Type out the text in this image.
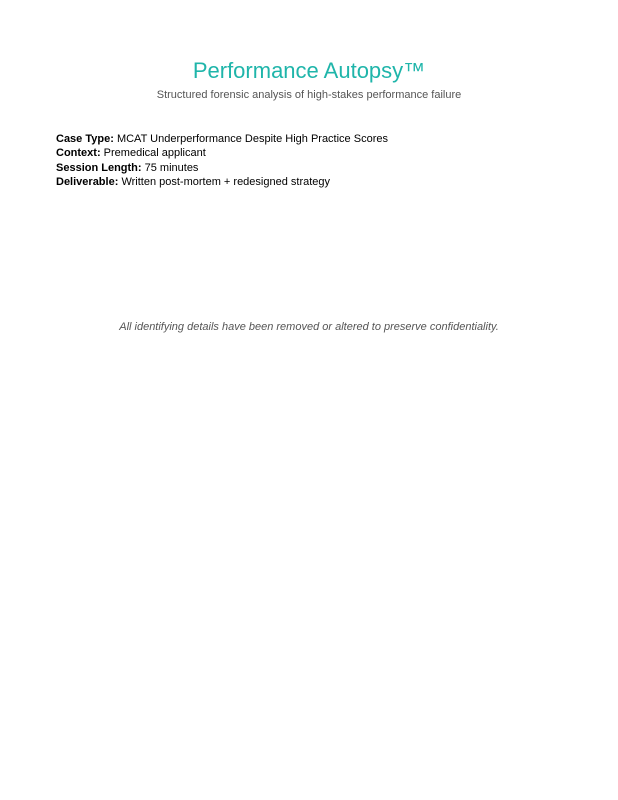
Performance Autopsy™

Structured forensic analysis of high-stakes performance failure

Case Type: MCAT Underperformance Despite High Practice Scores
Context: Premedical applicant
Session Length: 75 minutes
Deliverable: Written post-mortem + redesigned strategy

All identifying details have been removed or altered to preserve confidentiality.
